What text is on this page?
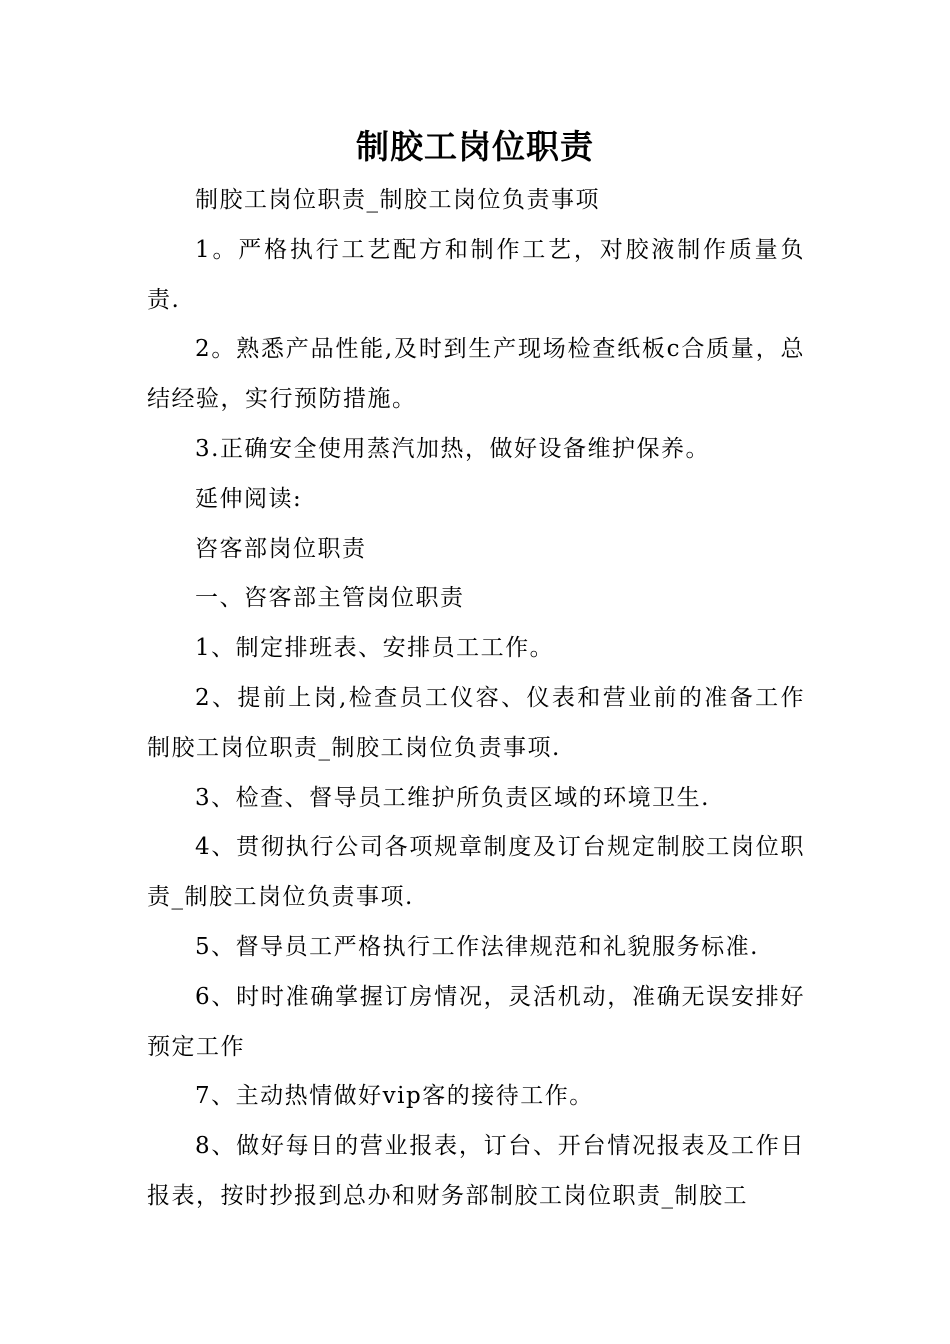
制胶工岗位职责

制胶工岗位职责_制胶工岗位负责事项

1。严格执行工艺配方和制作工艺，对胶液制作质量负责.

2。熟悉产品性能,及时到生产现场检查纸板c合质量，总结经验，实行预防措施。

3.正确安全使用蒸汽加热，做好设备维护保养。

延伸阅读:

咨客部岗位职责

一、咨客部主管岗位职责

1、制定排班表、安排员工工作。

2、提前上岗,检查员工仪容、仪表和营业前的准备工作制胶工岗位职责_制胶工岗位负责事项.

3、检查、督导员工维护所负责区域的环境卫生.

4、贯彻执行公司各项规章制度及订台规定制胶工岗位职责_制胶工岗位负责事项.

5、督导员工严格执行工作法律规范和礼貌服务标准.

6、时时准确掌握订房情况，灵活机动，准确无误安排好预定工作

7、主动热情做好vip客的接待工作。

8、做好每日的营业报表，订台、开台情况报表及工作日报表，按时抄报到总办和财务部制胶工岗位职责_制胶工
